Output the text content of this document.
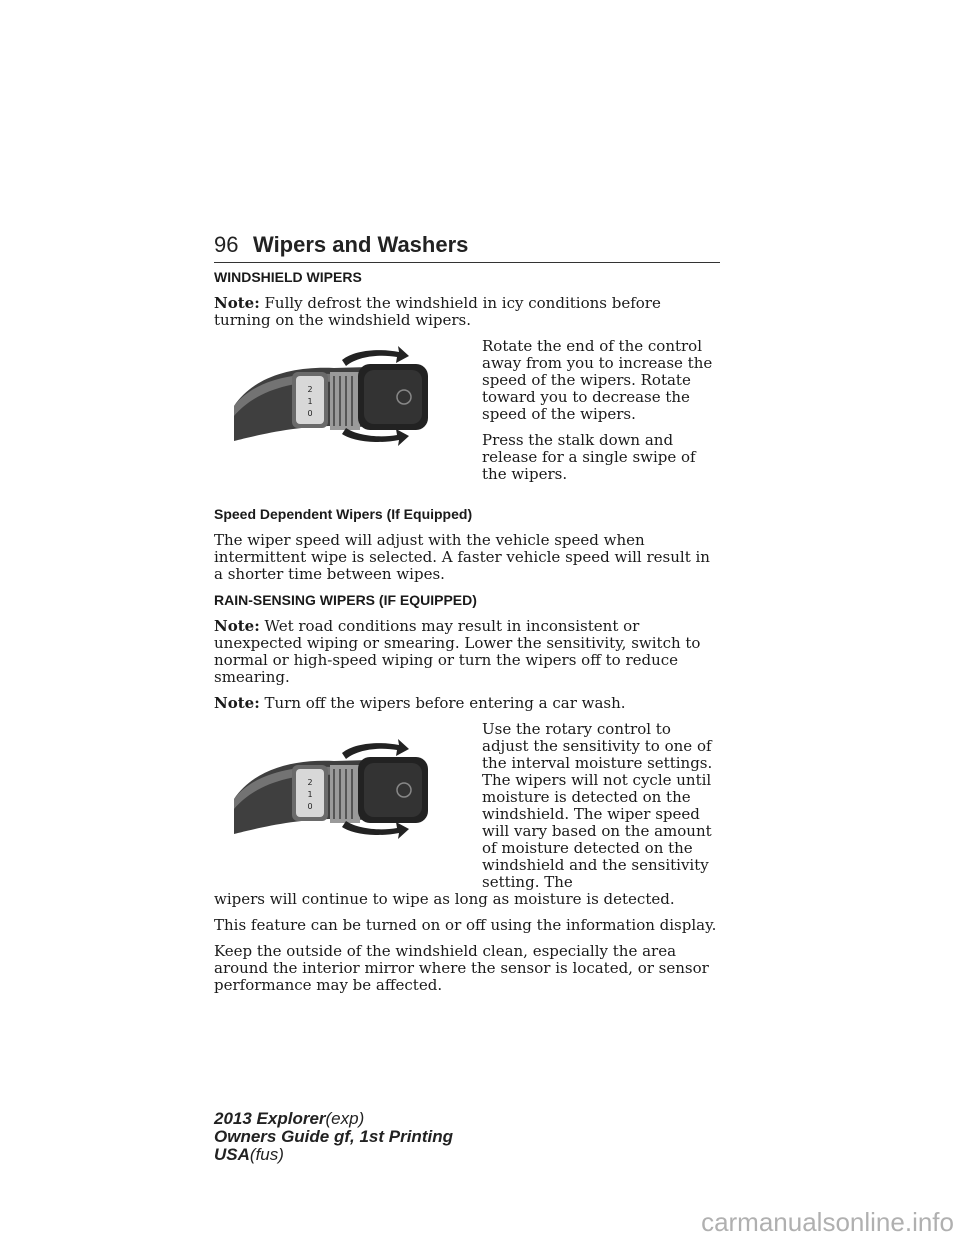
96 Wipers and Washers
WINDSHIELD WIPERS

Note: Fully defrost the windshield in icy conditions before turning on the windshield wipers.

2
1
0

Rotate the end of the control away from you to increase the speed of the wipers. Rotate toward you to decrease the speed of the wipers.

Press the stalk down and release for a single swipe of the wipers.

Speed Dependent Wipers (If Equipped)

The wiper speed will adjust with the vehicle speed when intermittent wipe is selected. A faster vehicle speed will result in a shorter time between wipes.

RAIN-SENSING WIPERS (IF EQUIPPED)

Note: Wet road conditions may result in inconsistent or unexpected wiping or smearing. Lower the sensitivity, switch to normal or high-speed wiping or turn the wipers off to reduce smearing.

Note: Turn off the wipers before entering a car wash.

2
1
0

Use the rotary control to adjust the sensitivity to one of the interval moisture settings. The wipers will not cycle until moisture is detected on the windshield. The wiper speed will vary based on the amount of moisture detected on the windshield and the sensitivity setting. The

wipers will continue to wipe as long as moisture is detected.

This feature can be turned on or off using the information display.

Keep the outside of the windshield clean, especially the area around the interior mirror where the sensor is located, or sensor performance may be affected.

2013 Explorer(exp)
Owners Guide gf, 1st Printing
USA(fus)
carmanualsonline.info
